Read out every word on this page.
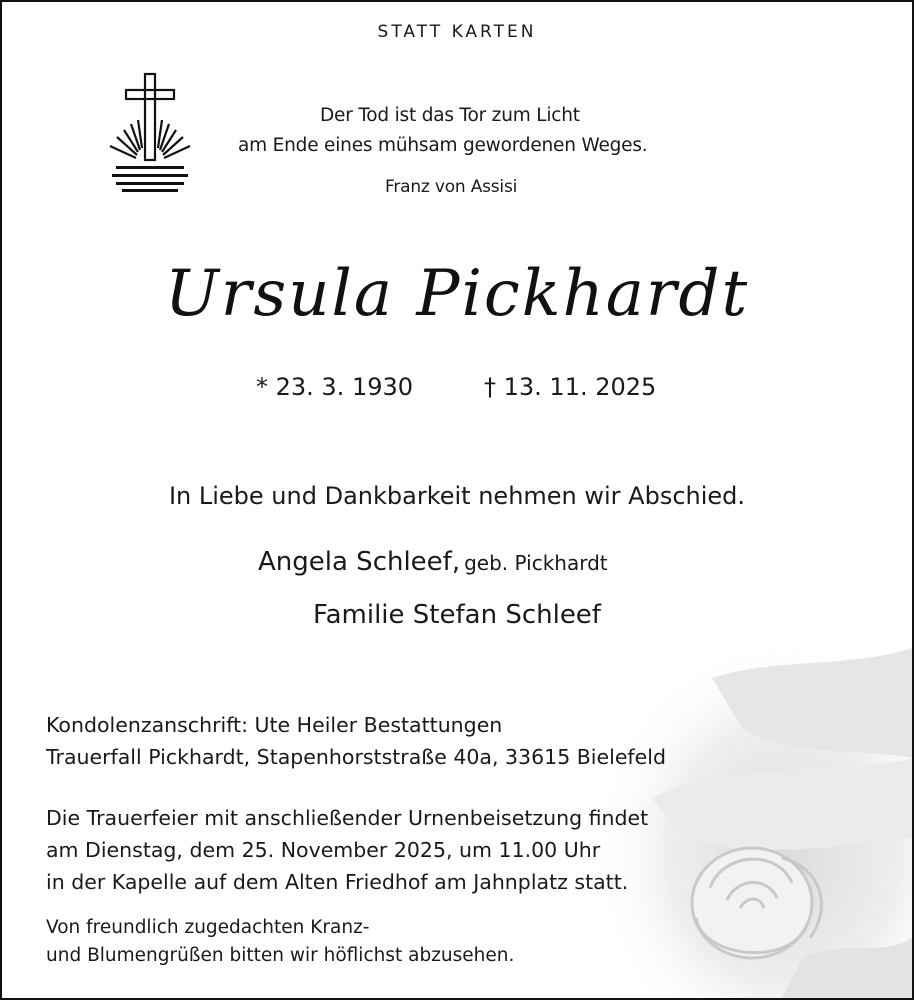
STATT KARTEN
Der Tod ist das Tor zum Licht
am Ende eines mühsam gewordenen Weges.
Franz von Assisi
Ursula Pickhardt
* 23. 3. 1930	† 13. 11. 2025
In Liebe und Dankbarkeit nehmen wir Abschied.
Angela Schleef, geb. Pickhardt
Familie Stefan Schleef
Kondolenzanschrift: Ute Heiler Bestattungen
Trauerfall Pickhardt, Stapenhorststraße 40a, 33615 Bielefeld
Die Trauerfeier mit anschließender Urnenbeisetzung findet
am Dienstag, dem 25. November 2025, um 11.00 Uhr
in der Kapelle auf dem Alten Friedhof am Jahnplatz statt.
Von freundlich zugedachten Kranz-
und Blumengrüßen bitten wir höflichst abzusehen.
